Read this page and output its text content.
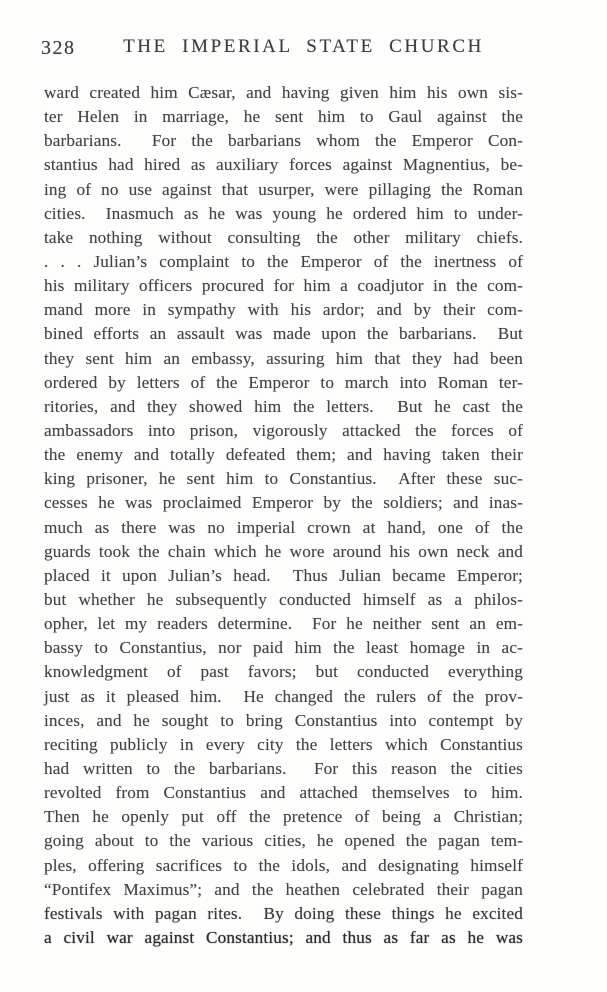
328	THE IMPERIAL STATE CHURCH
ward created him Cæsar, and having given him his own sis-
ter Helen in marriage, he sent him to Gaul against the
barbarians.  For the barbarians whom the Emperor Con-
stantius had hired as auxiliary forces against Magnentius, be-
ing of no use against that usurper, were pillaging the Roman
cities.  Inasmuch as he was young he ordered him to under-
take nothing without consulting the other military chiefs.
. . . Julian’s complaint to the Emperor of the inertness of
his military officers procured for him a coadjutor in the com-
mand more in sympathy with his ardor; and by their com-
bined efforts an assault was made upon the barbarians.  But
they sent him an embassy, assuring him that they had been
ordered by letters of the Emperor to march into Roman ter-
ritories, and they showed him the letters.  But he cast the
ambassadors into prison, vigorously attacked the forces of
the enemy and totally defeated them; and having taken their
king prisoner, he sent him to Constantius.  After these suc-
cesses he was proclaimed Emperor by the soldiers; and inas-
much as there was no imperial crown at hand, one of the
guards took the chain which he wore around his own neck and
placed it upon Julian’s head.  Thus Julian became Emperor;
but whether he subsequently conducted himself as a philos-
opher, let my readers determine.  For he neither sent an em-
bassy to Constantius, nor paid him the least homage in ac-
knowledgment of past favors; but conducted everything
just as it pleased him.  He changed the rulers of the prov-
inces, and he sought to bring Constantius into contempt by
reciting publicly in every city the letters which Constantius
had written to the barbarians.  For this reason the cities
revolted from Constantius and attached themselves to him.
Then he openly put off the pretence of being a Christian;
going about to the various cities, he opened the pagan tem-
ples, offering sacrifices to the idols, and designating himself
“Pontifex Maximus”; and the heathen celebrated their pagan
festivals with pagan rites.  By doing these things he excited
a civil war against Constantius; and thus as far as he was
